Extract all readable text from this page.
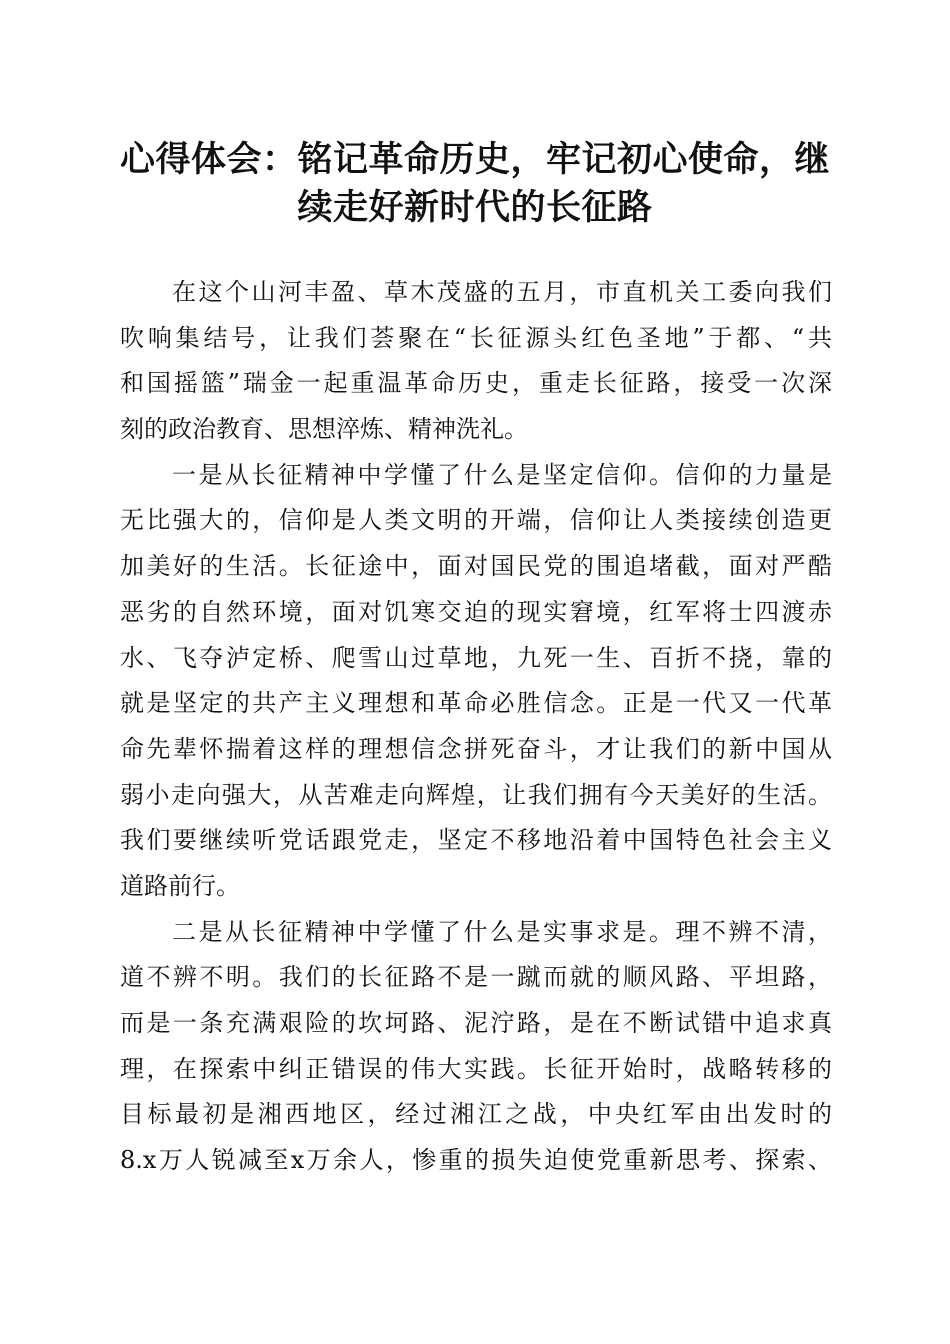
心得体会：铭记革命历史，牢记初心使命，继
续走好新时代的长征路
在这个山河丰盈、草木茂盛的五月，市直机关工委向我们
吹响集结号，让我们荟聚在“长征源头红色圣地”于都、“共
和国摇篮”瑞金一起重温革命历史，重走长征路，接受一次深
刻的政治教育、思想淬炼、精神洗礼。
一是从长征精神中学懂了什么是坚定信仰。信仰的力量是
无比强大的，信仰是人类文明的开端，信仰让人类接续创造更
加美好的生活。长征途中，面对国民党的围追堵截，面对严酷
恶劣的自然环境，面对饥寒交迫的现实窘境，红军将士四渡赤
水、飞夺泸定桥、爬雪山过草地，九死一生、百折不挠，靠的
就是坚定的共产主义理想和革命必胜信念。正是一代又一代革
命先辈怀揣着这样的理想信念拼死奋斗，才让我们的新中国从
弱小走向强大，从苦难走向辉煌，让我们拥有今天美好的生活。
我们要继续听党话跟党走，坚定不移地沿着中国特色社会主义
道路前行。
二是从长征精神中学懂了什么是实事求是。理不辨不清，
道不辨不明。我们的长征路不是一蹴而就的顺风路、平坦路，
而是一条充满艰险的坎坷路、泥泞路，是在不断试错中追求真
理，在探索中纠正错误的伟大实践。长征开始时，战略转移的
目标最初是湘西地区，经过湘江之战，中央红军由出发时的
8.x万人锐减至x万余人，惨重的损失迫使党重新思考、探索、
